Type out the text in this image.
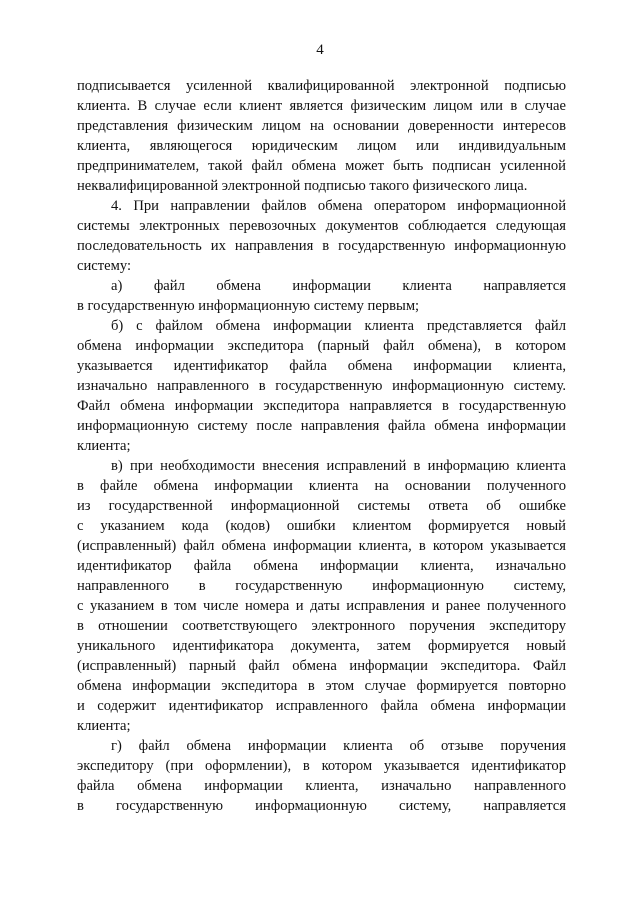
4
подписывается усиленной квалифицированной электронной подписью
клиента. В случае если клиент является физическим лицом или в случае
представления физическим лицом на основании доверенности интересов
клиента, являющегося юридическим лицом или индивидуальным
предпринимателем, такой файл обмена может быть подписан усиленной
неквалифицированной электронной подписью такого физического лица.
4. При направлении файлов обмена оператором информационной
системы электронных перевозочных документов соблюдается следующая
последовательность их направления в государственную информационную
систему:
а) файл обмена информации клиента направляется
в государственную информационную систему первым;
б) с файлом обмена информации клиента представляется файл
обмена информации экспедитора (парный файл обмена), в котором
указывается идентификатор файла обмена информации клиента,
изначально направленного в государственную информационную систему.
Файл обмена информации экспедитора направляется в государственную
информационную систему после направления файла обмена информации
клиента;
в) при необходимости внесения исправлений в информацию клиента
в файле обмена информации клиента на основании полученного
из государственной информационной системы ответа об ошибке
с указанием кода (кодов) ошибки клиентом формируется новый
(исправленный) файл обмена информации клиента, в котором указывается
идентификатор файла обмена информации клиента, изначально
направленного в государственную информационную систему,
с указанием в том числе номера и даты исправления и ранее полученного
в отношении соответствующего электронного поручения экспедитору
уникального идентификатора документа, затем формируется новый
(исправленный) парный файл обмена информации экспедитора. Файл
обмена информации экспедитора в этом случае формируется повторно
и содержит идентификатор исправленного файла обмена информации
клиента;
г) файл обмена информации клиента об отзыве поручения
экспедитору (при оформлении), в котором указывается идентификатор
файла обмена информации клиента, изначально направленного
в государственную информационную систему, направляется
